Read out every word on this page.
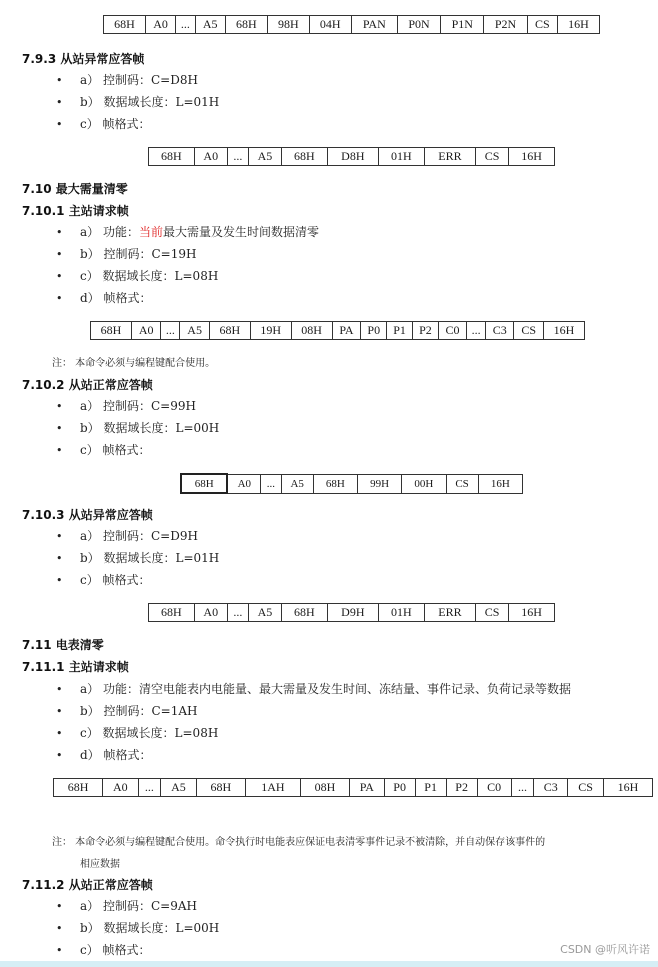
68H	A0	...	A5	68H	98H	04H	PAN	P0N	P1N	P2N	CS	16H
7.9.3 从站异常应答帧
• a） 控制码：C=D8H
• b） 数据域长度：L=01H
• c） 帧格式：
68H	A0	...	A5	68H	D8H	01H	ERR	CS	16H
7.10 最大需量清零
7.10.1 主站请求帧
• a） 功能：当前最大需量及发生时间数据清零
• b） 控制码：C=19H
• c） 数据域长度：L=08H
• d） 帧格式：
68H	A0	...	A5	68H	19H	08H	PA	P0	P1	P2	C0	...	C3	CS	16H
注： 本命令必须与编程键配合使用。
7.10.2 从站正常应答帧
• a） 控制码：C=99H
• b） 数据域长度：L=00H
• c） 帧格式：
68H	A0	...	A5	68H	99H	00H	CS	16H
7.10.3 从站异常应答帧
• a） 控制码：C=D9H
• b） 数据域长度：L=01H
• c） 帧格式：
68H	A0	...	A5	68H	D9H	01H	ERR	CS	16H
7.11 电表清零
7.11.1 主站请求帧
• a） 功能：清空电能表内电能量、最大需量及发生时间、冻结量、事件记录、负荷记录等数据
• b） 控制码：C=1AH
• c） 数据域长度：L=08H
• d） 帧格式：
68H	A0	...	A5	68H	1AH	08H	PA	P0	P1	P2	C0	...	C3	CS	16H
注： 本命令必须与编程键配合使用。命令执行时电能表应保证电表清零事件记录不被清除，并自动保存该事件的
相应数据
7.11.2 从站正常应答帧
• a） 控制码：C=9AH
• b） 数据域长度：L=00H
• c） 帧格式：	CSDN @听风许诺
